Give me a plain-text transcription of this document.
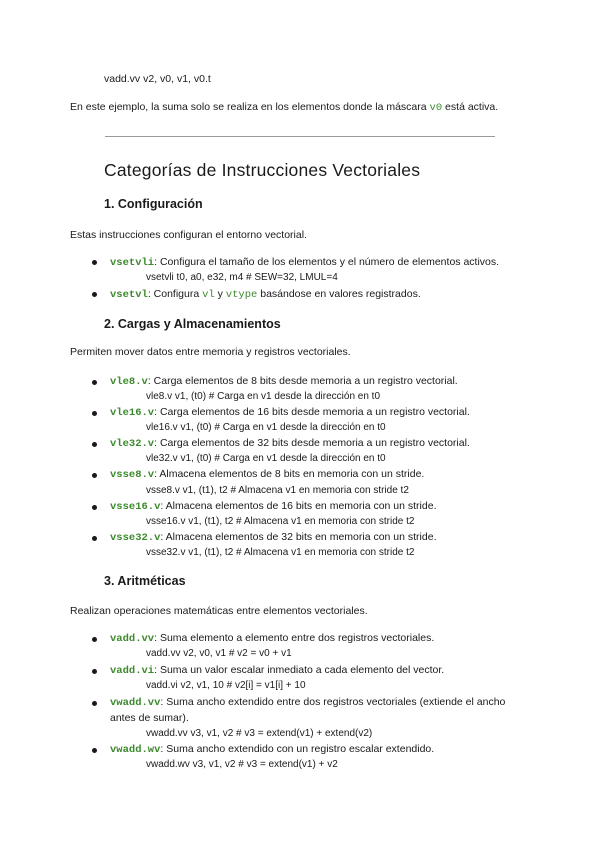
vadd.vv v2, v0, v1, v0.t
En este ejemplo, la suma solo se realiza en los elementos donde la máscara v0 está activa.
Categorías de Instrucciones Vectoriales
1. Configuración
Estas instrucciones configuran el entorno vectorial.
vsetvli: Configura el tamaño de los elementos y el número de elementos activos.
vsetvli t0, a0, e32, m4 # SEW=32, LMUL=4
vsetvl: Configura vl y vtype basándose en valores registrados.
2. Cargas y Almacenamientos
Permiten mover datos entre memoria y registros vectoriales.
vle8.v: Carga elementos de 8 bits desde memoria a un registro vectorial.
vle8.v v1, (t0) # Carga en v1 desde la dirección en t0
vle16.v: Carga elementos de 16 bits desde memoria a un registro vectorial.
vle16.v v1, (t0) # Carga en v1 desde la dirección en t0
vle32.v: Carga elementos de 32 bits desde memoria a un registro vectorial.
vle32.v v1, (t0) # Carga en v1 desde la dirección en t0
vsse8.v: Almacena elementos de 8 bits en memoria con un stride.
vsse8.v v1, (t1), t2 # Almacena v1 en memoria con stride t2
vsse16.v: Almacena elementos de 16 bits en memoria con un stride.
vsse16.v v1, (t1), t2 # Almacena v1 en memoria con stride t2
vsse32.v: Almacena elementos de 32 bits en memoria con un stride.
vsse32.v v1, (t1), t2 # Almacena v1 en memoria con stride t2
3. Aritméticas
Realizan operaciones matemáticas entre elementos vectoriales.
vadd.vv: Suma elemento a elemento entre dos registros vectoriales.
vadd.vv v2, v0, v1 # v2 = v0 + v1
vadd.vi: Suma un valor escalar inmediato a cada elemento del vector.
vadd.vi v2, v1, 10 # v2[i] = v1[i] + 10
vwadd.vv: Suma ancho extendido entre dos registros vectoriales (extiende el ancho
antes de sumar).
vwadd.vv v3, v1, v2 # v3 = extend(v1) + extend(v2)
vwadd.wv: Suma ancho extendido con un registro escalar extendido.
vwadd.wv v3, v1, v2 # v3 = extend(v1) + v2
